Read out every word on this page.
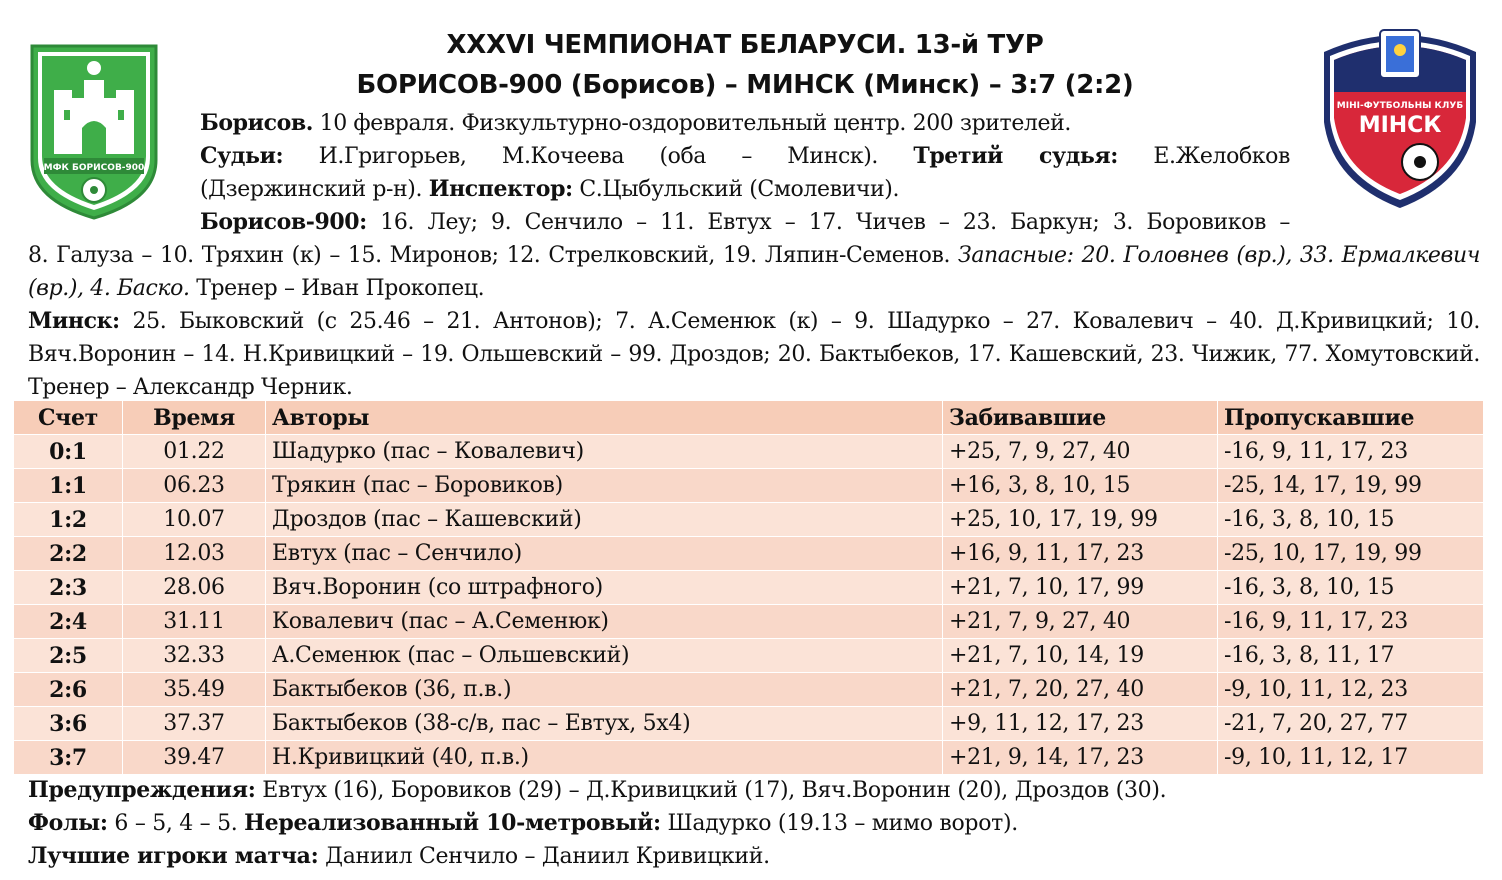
МФК БОРИСОВ-900
МІНІ-ФУТБОЛЬНЫ КЛУБ
МІНСК
XXXVI ЧЕМПИОНАТ БЕЛАРУСИ. 13-й ТУР
БОРИСОВ-900 (Борисов) – МИНСК (Минск) – 3:7 (2:2)
Борисов. 10 февраля. Физкультурно-оздоровительный центр. 200 зрителей.
Судьи: И.Григорьев, М.Кочеева (оба – Минск). Третий судья: Е.Желобков
(Дзержинский р-н). Инспектор: С.Цыбульский (Смолевичи).
Борисов-900: 16. Леу; 9. Сенчило – 11. Евтух – 17. Чичев – 23. Баркун; 3. Боровиков –
8. Галуза – 10. Тряхин (к) – 15. Миронов; 12. Стрелковский, 19. Ляпин-Семенов. Запасные: 20. Головнев (вр.), 33. Ермалкевич (вр.), 4. Баско. Тренер – Иван Прокопец.
Минск: 25. Быковский (с 25.46 – 21. Антонов); 7. А.Семенюк (к) – 9. Шадурко – 27. Ковалевич – 40. Д.Кривицкий; 10. Вяч.Воронин – 14. Н.Кривицкий – 19. Ольшевский – 99. Дроздов; 20. Бактыбеков, 17. Кашевский, 23. Чижик, 77. Хомутовский. Тренер – Александр Черник.
Счет	Время	Авторы	Забивавшие	Пропускавшие
0:1	01.22	Шадурко (пас – Ковалевич)	+25, 7, 9, 27, 40	-16, 9, 11, 17, 23
1:1	06.23	Трякин (пас – Боровиков)	+16, 3, 8, 10, 15	-25, 14, 17, 19, 99
1:2	10.07	Дроздов (пас – Кашевский)	+25, 10, 17, 19, 99	-16, 3, 8, 10, 15
2:2	12.03	Евтух (пас – Сенчило)	+16, 9, 11, 17, 23	-25, 10, 17, 19, 99
2:3	28.06	Вяч.Воронин (со штрафного)	+21, 7, 10, 17, 99	-16, 3, 8, 10, 15
2:4	31.11	Ковалевич (пас – А.Семенюк)	+21, 7, 9, 27, 40	-16, 9, 11, 17, 23
2:5	32.33	А.Семенюк (пас – Ольшевский)	+21, 7, 10, 14, 19	-16, 3, 8, 11, 17
2:6	35.49	Бактыбеков (36, п.в.)	+21, 7, 20, 27, 40	-9, 10, 11, 12, 23
3:6	37.37	Бактыбеков (38-с/в, пас – Евтух, 5х4)	+9, 11, 12, 17, 23	-21, 7, 20, 27, 77
3:7	39.47	Н.Кривицкий (40, п.в.)	+21, 9, 14, 17, 23	-9, 10, 11, 12, 17
Предупреждения: Евтух (16), Боровиков (29) – Д.Кривицкий (17), Вяч.Воронин (20), Дроздов (30).
Фолы: 6 – 5, 4 – 5. Нереализованный 10-метровый: Шадурко (19.13 – мимо ворот).
Лучшие игроки матча: Даниил Сенчило – Даниил Кривицкий.
